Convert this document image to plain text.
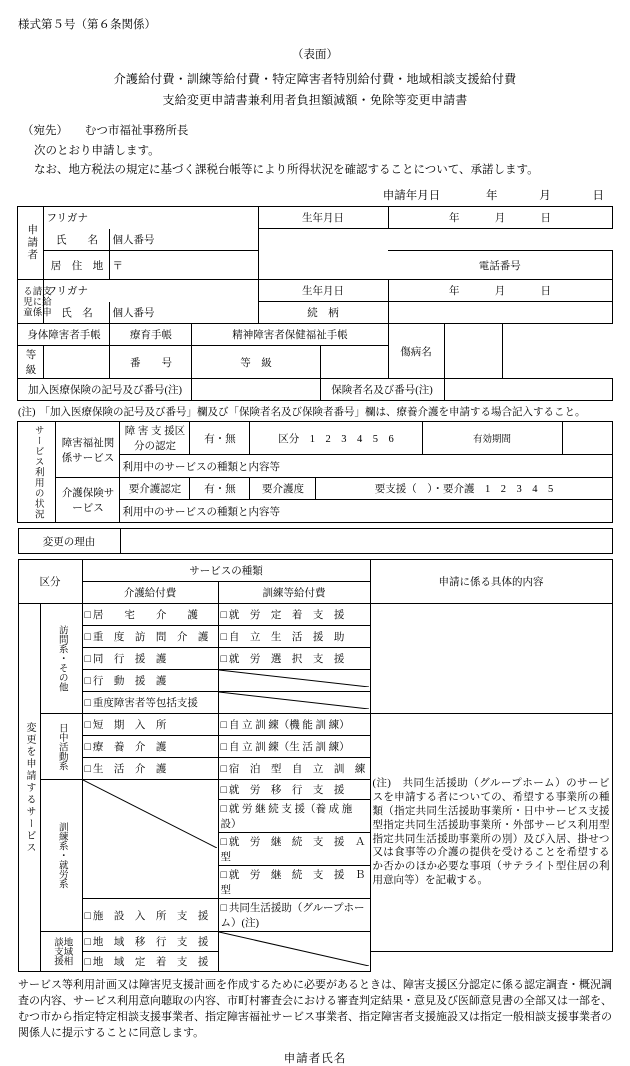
様式第５号（第６条関係）
（表面）
介護給付費・訓練等給付費・特定障害者特別給付費・地域相談支援給付費
支給変更申請書兼利用者負担額減額・免除等変更申請書
（宛先） むつ市福祉事務所長
次のとおり申請します。
なお、地方税法の規定に基づく課税台帳等により所得状況を確認することについて、承諾します。
申請年月日	年	月	日
申請者	フリガナ			生年月日		年 月 日	
	氏　　名	個人番号					
	居　住　地	〒				電話番号	

支給申請に係る児童	フリガナ			生年月日		年 月 日	
	氏　名	個人番号		続　柄			
身体障害者手帳		療育手帳	精神障害者保健福祉手帳			傷病名	
等　　級		番　　号	等　級				
加入医療保険の記号及び番号(注)					保険者名及び番号(注)		
(注) 「加入医療保険の記号及び番号」欄及び「保険者名及び保険者番号」欄は、療養介護を申請する場合記入すること。
サービス利用の状況	障害福祉関係サービス	障 害 支 援区分の認定	有・無	区分　1　2　3　4　5　6		有効期間	
		利用中のサービスの種類と内容等					
	介護保険サービス	要介護認定	有・無	要介護度	要支援（　）・要介護　1　2　3　4　5		
		利用中のサービスの種類と内容等					
変更の理由	
区分		サービスの種類		申請に係る具体的内容
		介護給付費	訓練等給付費	

変更を申請するサービス	訪問系・その他	□ 居　　宅　　介　　護	□ 就　労　定　着　支　援	
		□ 重　度　訪　問　介　護	□ 自　立　生　活　援　助	
		□ 同　行　援　護	□ 就　労　選　択　支　援	
		□ 行　動　援　護	

		□ 重度障害者等包括支援	

	日中活動系	□ 短　期　入　所	□ 自 立 訓 練（機 能 訓 練）	(注) 共同生活援助（グループホーム）のサービスを申請する者についての、希望する事業所の種類（指定共同生活援助事業所・日中サービス支援型指定共同生活援助事業所・外部サービス利用型指定共同生活援助事業所の別）及び入居、掛せつ又は食事等の介護の提供を受けることを希望するか否かのほか必要な事項（サテライト型住居の利用意向等）を記載する。
		□ 療　養　介　護	□ 自 立 訓 練（生 活 訓 練）	
		□ 生　活　介　護	□ 宿　泊　型　自　立　訓　練	

	訓練系・就労系		□ 就　労　移　行　支　援	
			□ 就 労 継 続 支 援（養 成 施 設）	
			□ 就　労　継　続　支　援　Ａ　型	
			□ 就　労　継　続　支　援　Ｂ　型	
		□ 施　設　入　所　支　援	□ 共同生活援助（グループホーム）(注)	

	地域相談支援	□ 地　域　移　行　支　援	

		□ 地　域　定　着　支　援		
サービス等利用計画又は障害児支援計画を作成するために必要があるときは、障害支援区分認定に係る認定調査・概況調査の内容、サービス利用意向聴取の内容、市町村審査会における審査判定結果・意見及び医師意見書の全部又は一部を、むつ市から指定特定相談支援事業者、指定障害福祉サービス事業者、指定障害者支援施設又は指定一般相談支援事業者の関係人に提示することに同意します。
申請者氏名
